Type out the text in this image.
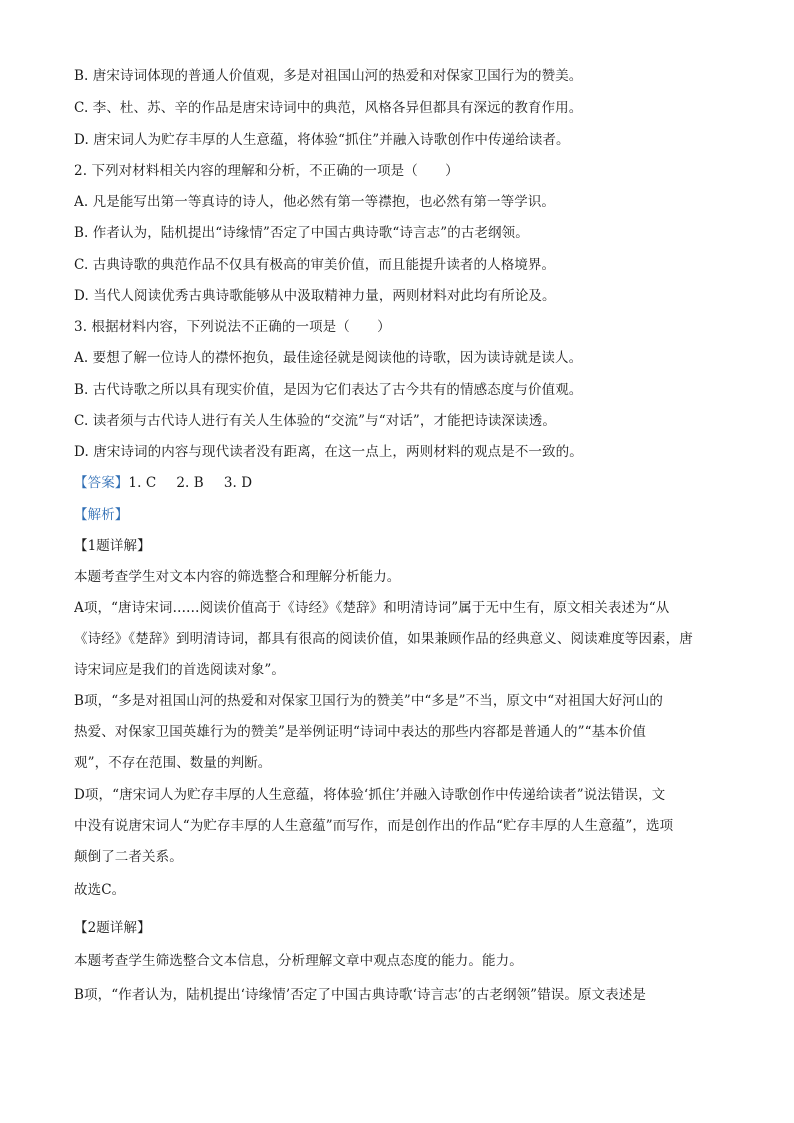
B. 唐宋诗词体现的普通人价值观，多是对祖国山河的热爱和对保家卫国行为的赞美。
C. 李、杜、苏、辛的作品是唐宋诗词中的典范，风格各异但都具有深远的教育作用。
D. 唐宋词人为贮存丰厚的人生意蕴，将体验“抓住”并融入诗歌创作中传递给读者。
2. 下列对材料相关内容的理解和分析，不正确的一项是（　　）
A. 凡是能写出第一等真诗的诗人，他必然有第一等襟抱，也必然有第一等学识。
B. 作者认为，陆机提出“诗缘情”否定了中国古典诗歌“诗言志”的古老纲领。
C. 古典诗歌的典范作品不仅具有极高的审美价值，而且能提升读者的人格境界。
D. 当代人阅读优秀古典诗歌能够从中汲取精神力量，两则材料对此均有所论及。
3. 根据材料内容，下列说法不正确的一项是（　　）
A. 要想了解一位诗人的襟怀抱负，最佳途径就是阅读他的诗歌，因为读诗就是读人。
B. 古代诗歌之所以具有现实价值，是因为它们表达了古今共有的情感态度与价值观。
C. 读者须与古代诗人进行有关人生体验的“交流”与“对话”，才能把诗读深读透。
D. 唐宋诗词的内容与现代读者没有距离，在这一点上，两则材料的观点是不一致的。
【答案】1. C 2. B 3. D
【解析】
【1题详解】
本题考查学生对文本内容的筛选整合和理解分析能力。
A项，“唐诗宋词……阅读价值高于《诗经》《楚辞》和明清诗词”属于无中生有，原文相关表述为“从
《诗经》《楚辞》到明清诗词，都具有很高的阅读价值，如果兼顾作品的经典意义、阅读难度等因素，唐
诗宋词应是我们的首选阅读对象”。
B项，“多是对祖国山河的热爱和对保家卫国行为的赞美”中“多是”不当，原文中“对祖国大好河山的
热爱、对保家卫国英雄行为的赞美”是举例证明“诗词中表达的那些内容都是普通人的”“基本价值
观”，不存在范围、数量的判断。
D项，“唐宋词人为贮存丰厚的人生意蕴，将体验‘抓住’并融入诗歌创作中传递给读者”说法错误，文
中没有说唐宋词人“为贮存丰厚的人生意蕴”而写作，而是创作出的作品“贮存丰厚的人生意蕴”，选项
颠倒了二者关系。
故选C。
【2题详解】
本题考查学生筛选整合文本信息，分析理解文章中观点态度的能力。能力。
B项，“作者认为，陆机提出‘诗缘情’否定了中国古典诗歌‘诗言志’的古老纲领”错误。原文表述是
